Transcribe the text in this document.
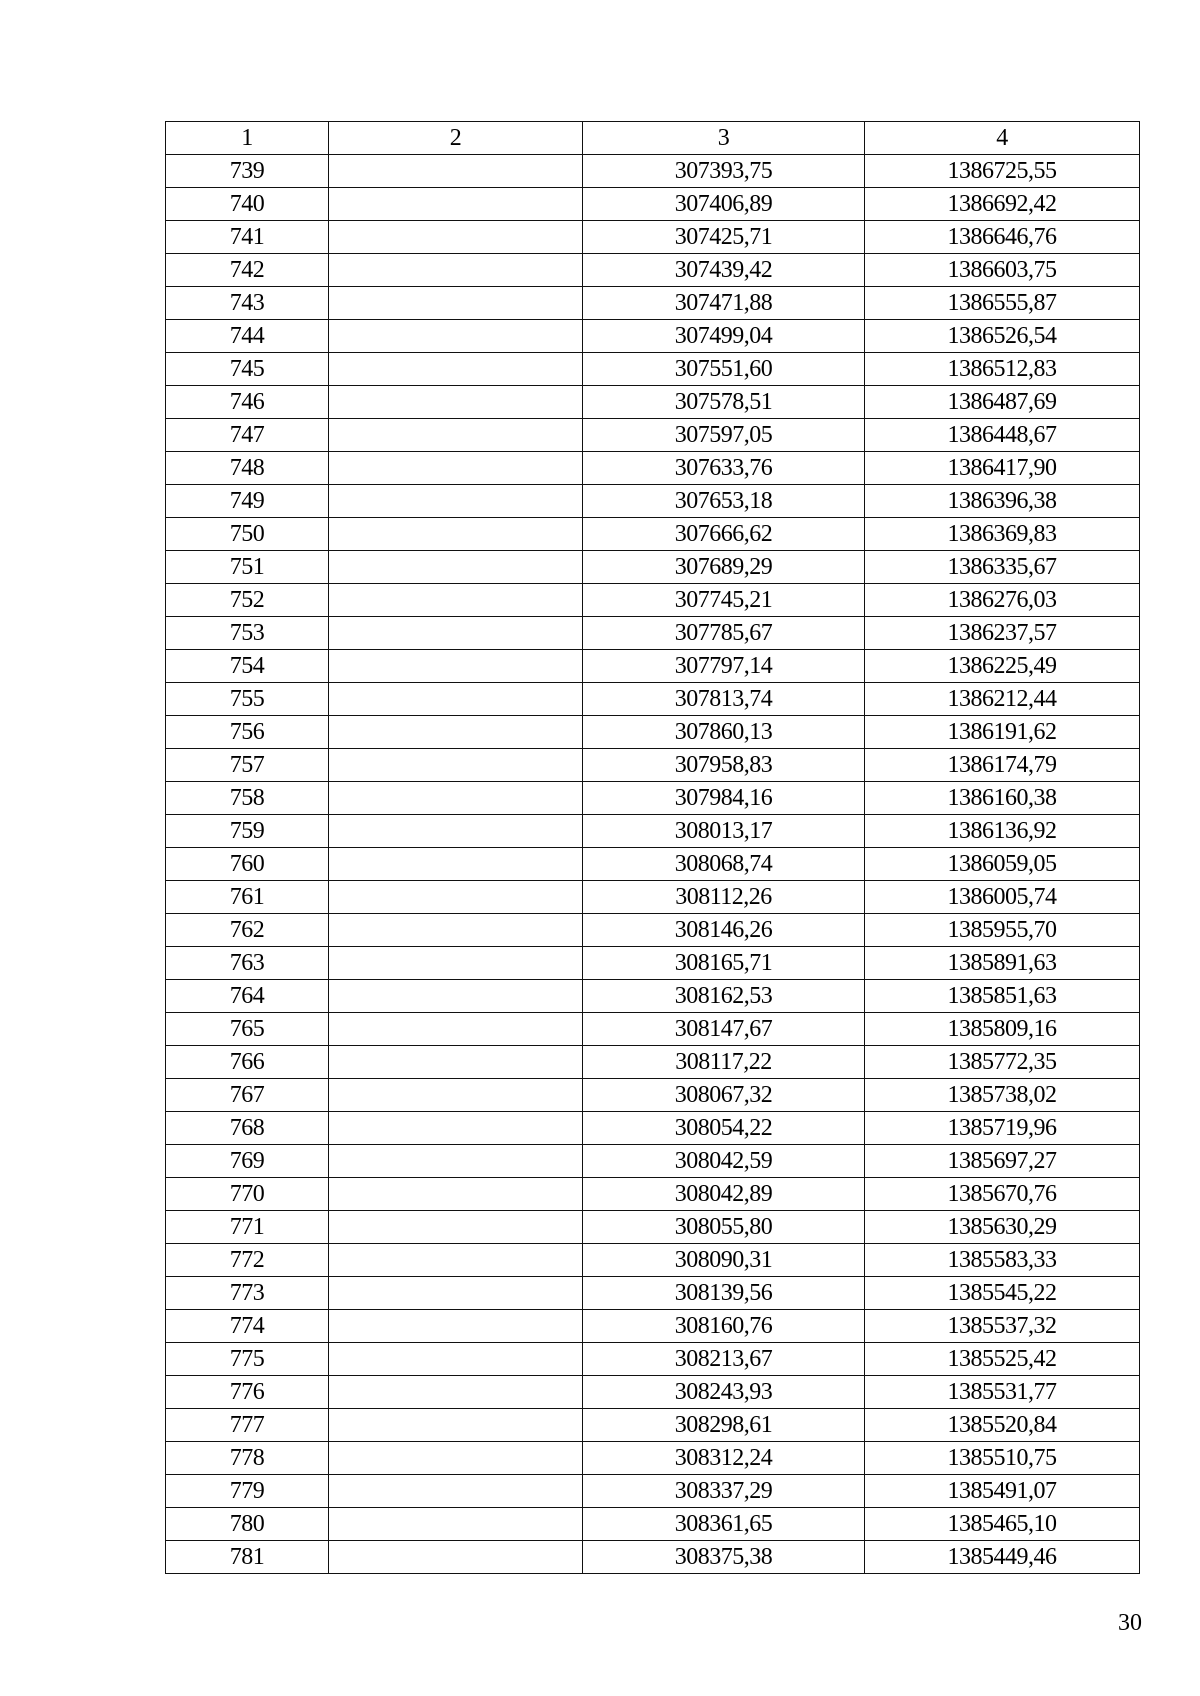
1	2	3	4
739		307393,75	1386725,55
740		307406,89	1386692,42
741		307425,71	1386646,76
742		307439,42	1386603,75
743		307471,88	1386555,87
744		307499,04	1386526,54
745		307551,60	1386512,83
746		307578,51	1386487,69
747		307597,05	1386448,67
748		307633,76	1386417,90
749		307653,18	1386396,38
750		307666,62	1386369,83
751		307689,29	1386335,67
752		307745,21	1386276,03
753		307785,67	1386237,57
754		307797,14	1386225,49
755		307813,74	1386212,44
756		307860,13	1386191,62
757		307958,83	1386174,79
758		307984,16	1386160,38
759		308013,17	1386136,92
760		308068,74	1386059,05
761		308112,26	1386005,74
762		308146,26	1385955,70
763		308165,71	1385891,63
764		308162,53	1385851,63
765		308147,67	1385809,16
766		308117,22	1385772,35
767		308067,32	1385738,02
768		308054,22	1385719,96
769		308042,59	1385697,27
770		308042,89	1385670,76
771		308055,80	1385630,29
772		308090,31	1385583,33
773		308139,56	1385545,22
774		308160,76	1385537,32
775		308213,67	1385525,42
776		308243,93	1385531,77
777		308298,61	1385520,84
778		308312,24	1385510,75
779		308337,29	1385491,07
780		308361,65	1385465,10
781		308375,38	1385449,46
30
